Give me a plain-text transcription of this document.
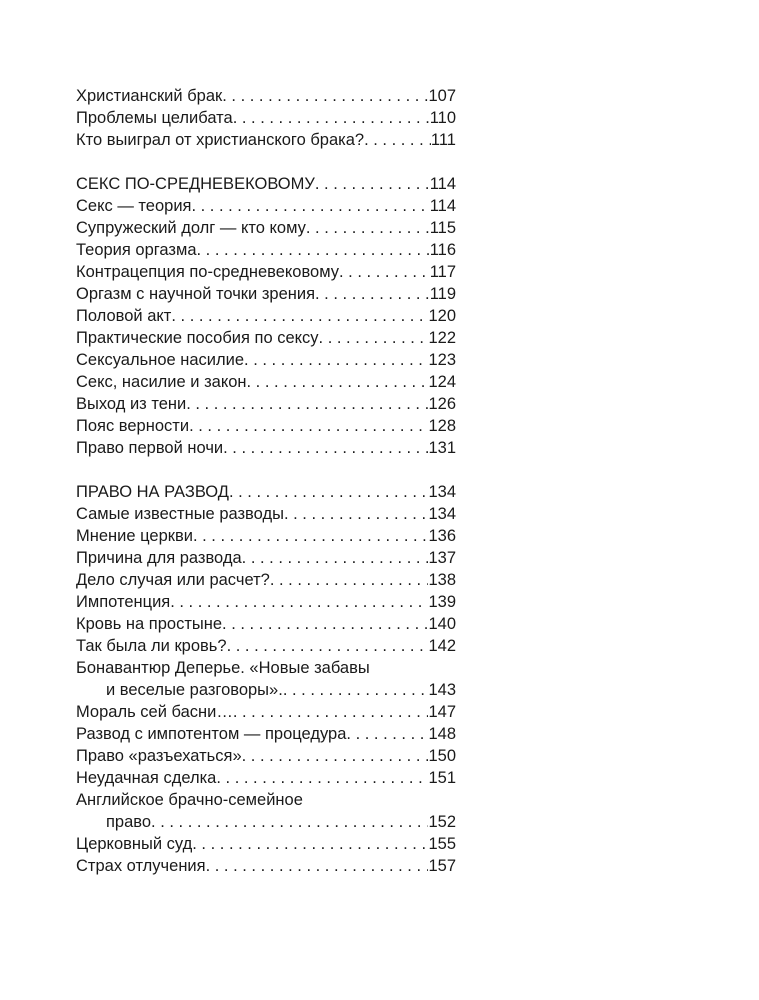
Христианский брак . . .	107
Проблемы целибата . . .	110
Кто выиграл от христианского брака? . . .	111
СЕКС ПО-СРЕДНЕВЕКОВОМУ . . .	114
Секс — теория . . .	114
Супружеский долг — кто кому . . .	115
Теория оргазма . . .	116
Контрацепция по-средневековому . . .	117
Оргазм с научной точки зрения . . .	119
Половой акт . . .	120
Практические пособия по сексу . . .	122
Сексуальное насилие . . .	123
Секс, насилие и закон . . .	124
Выход из тени . . .	126
Пояс верности . . .	128
Право первой ночи . . .	131
ПРАВО НА РАЗВОД . . .	134
Самые известные разводы . . .	134
Мнение церкви . . .	136
Причина для развода . . .	137
Дело случая или расчет? . . .	138
Импотенция . . .	139
Кровь на простыне . . .	140
Так была ли кровь? . . .	142
Бонавантюр Деперье. «Новые забавы
и веселые разговоры». . . .	143
Мораль сей басни… . . .	147
Развод с импотентом — процедура . . .	148
Право «разъехаться» . . .	150
Неудачная сделка . . .	151
Английское брачно-семейное
право . . .	152
Церковный суд . . .	155
Страх отлучения . . .	157
